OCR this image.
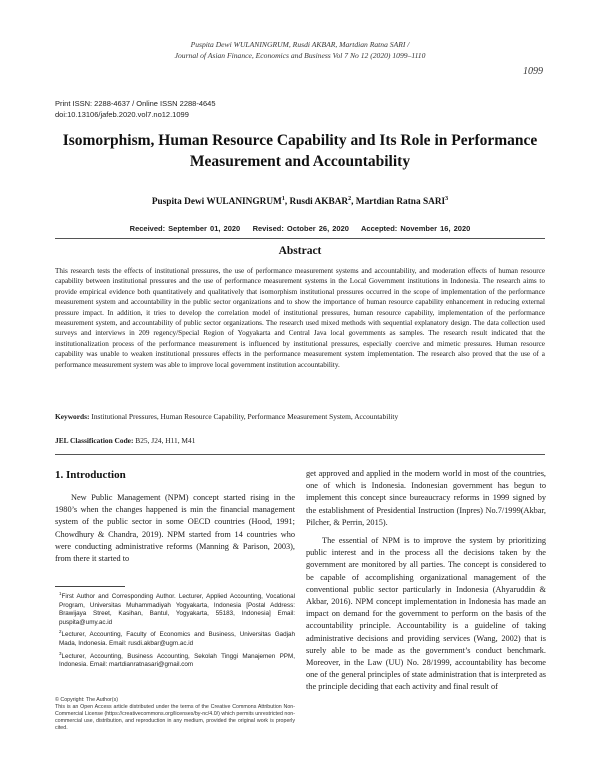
Puspita Dewi WULANINGRUM, Rusdi AKBAR, Martdian Ratna SARI /
Journal of Asian Finance, Economics and Business Vol 7 No 12 (2020) 1099–1110
1099
Print ISSN: 2288-4637 / Online ISSN 2288-4645
doi:10.13106/jafeb.2020.vol7.no12.1099
Isomorphism, Human Resource Capability and Its Role in Performance Measurement and Accountability
Puspita Dewi WULANINGRUM$^1$, Rusdi AKBAR$^2$, Martdian Ratna SARI$^3$
Received: September 01, 2020 Revised: October 26, 2020 Accepted: November 16, 2020
Abstract
This research tests the effects of institutional pressures, the use of performance measurement systems and accountability, and moderation effects of human resource capability between institutional pressures and the use of performance measurement systems in the Local Government institutions in Indonesia. The research aims to provide empirical evidence both quantitatively and qualitatively that isomorphism institutional pressures occurred in the scope of implementation of the performance measurement system and accountability in the public sector organizations and to show the importance of human resource capability enhancement in reducing external pressure impact. In addition, it tries to develop the correlation model of institutional pressures, human resource capability, implementation of the performance measurement system, and accountability of public sector organizations. The research used mixed methods with sequential explanatory design. The data collection used surveys and interviews in 209 regency/Special Region of Yogyakarta and Central Java local governments as samples. The research result indicated that the institutionalization process of the performance measurement is influenced by institutional pressures, especially coercive and mimetic pressures. Human resource capability was unable to weaken institutional pressures effects in the performance measurement system implementation. The research also proved that the use of a performance measurement system was able to improve local government institution accountability.
Keywords: Institutional Pressures, Human Resource Capability, Performance Measurement System, Accountability
JEL Classification Code: B25, J24, H11, M41
1. Introduction

New Public Management (NPM) concept started rising in the 1980’s when the changes happened is min the financial management system of the public sector in some OECD countries (Hood, 1991; Chowdhury & Chandra, 2019). NPM started from 14 countries who were conducting administrative reforms (Manning & Parison, 2003), from there it started to

get approved and applied in the modern world in most of the countries, one of which is Indonesia. Indonesian government has begun to implement this concept since bureaucracy reforms in 1999 signed by the establishment of Presidential Instruction (Inpres) No.7/1999(Akbar, Pilcher, & Perrin, 2015).

The essential of NPM is to improve the system by prioritizing public interest and in the process all the decisions taken by the government are monitored by all parties. The concept is considered to be capable of accomplishing organizational management of the conventional public sector particularly in Indonesia (Ahyaruddin & Akbar, 2016). NPM concept implementation in Indonesia has made an impact on demand for the government to perform on the basis of the accountability principle. Accountability is a guideline of taking administrative decisions and providing services (Wang, 2002) that is surely able to be made as the government’s conduct benchmark. Moreover, in the Law (UU) No. 28/1999, accountability has become one of the general principles of state administration that is interpreted as the principle deciding that each activity and final result of

$^1$First Author and Corresponding Author. Lecturer, Applied Accounting, Vocational Program, Universitas Muhammadiyah Yogyakarta, Indonesia [Postal Address: Brawijaya Street, Kasihan, Bantul, Yogyakarta, 55183, Indonesia] Email: puspita@umy.ac.id

$^2$Lecturer, Accounting, Faculty of Economics and Business, Universitas Gadjah Mada, Indonesia. Email: rusdi.akbar@ugm.ac.id

$^3$Lecturer, Accounting, Business Accounting, Sekolah Tinggi Manajemen PPM, Indonesia. Email: martdianratnasari@gmail.com

© Copyright: The Author(s)

This is an Open Access article distributed under the terms of the Creative Commons Attribution Non-Commercial License (https://creativecommons.org/licenses/by-nc/4.0/) which permits unrestricted non-commercial use, distribution, and reproduction in any medium, provided the original work is properly cited.
